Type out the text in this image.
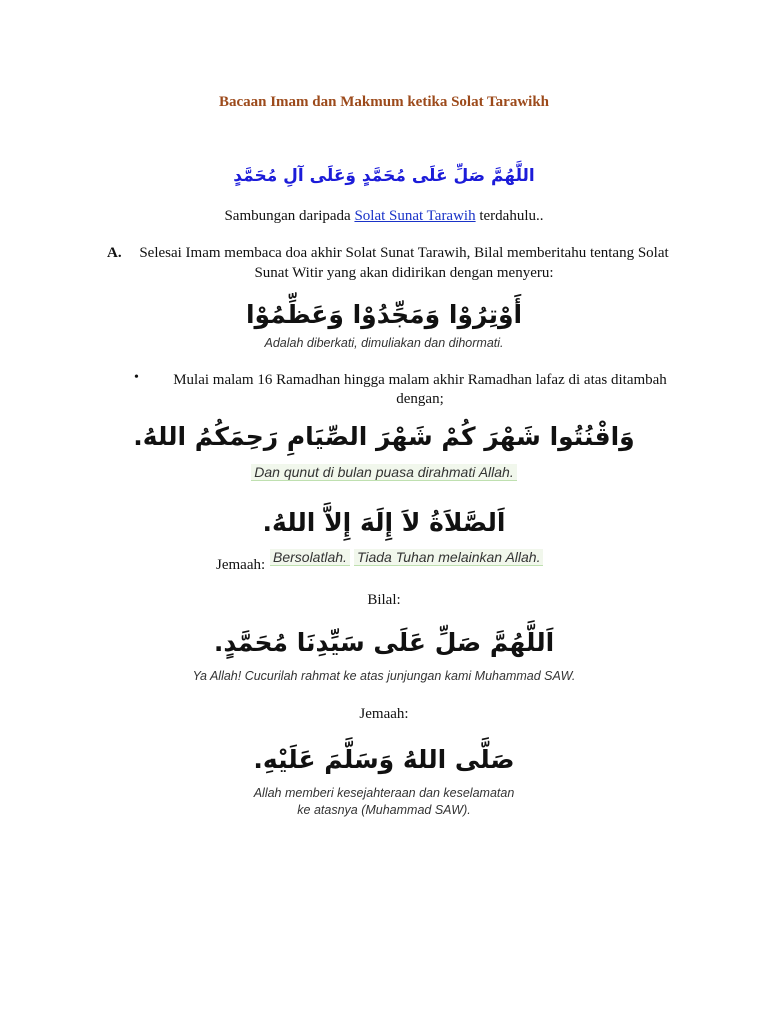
Bacaan Imam dan Makmum ketika Solat Tarawikh
اللَّهُمَّ صَلِّ عَلَى مُحَمَّدٍ وَعَلَى آلِ مُحَمَّدٍ
Sambungan daripada Solat Sunat Tarawih terdahulu..
A.	Selesai Imam membaca doa akhir Solat Sunat Tarawih, Bilal memberitahu tentang Solat
Sunat Witir yang akan didirikan dengan menyeru:
أَوْتِرُوْا وَمَجِّدُوْا وَعَظِّمُوْا
Adalah diberkati, dimuliakan dan dihormati.
•	Mulai malam 16 Ramadhan hingga malam akhir Ramadhan lafaz di atas ditambah
dengan;
وَاقْنُتُوا شَهْرَ كُمْ شَهْرَ الصِّيَامِ رَحِمَكُمُ اللهُ.
Dan qunut di bulan puasa dirahmati Allah.
اَلصَّلاَةُ لاَ إِلَهَ إِلاَّ اللهُ.
Jemaah: Bersolatlah. Tiada Tuhan melainkan Allah.
Bilal:
اَللَّهُمَّ صَلِّ عَلَى سَيِّدِنَا مُحَمَّدٍ.
Ya Allah! Cucurilah rahmat ke atas junjungan kami Muhammad SAW.
Jemaah:
صَلَّى اللهُ وَسَلَّمَ عَلَيْهِ.
Allah memberi kesejahteraan dan keselamatan
ke atasnya (Muhammad SAW).
